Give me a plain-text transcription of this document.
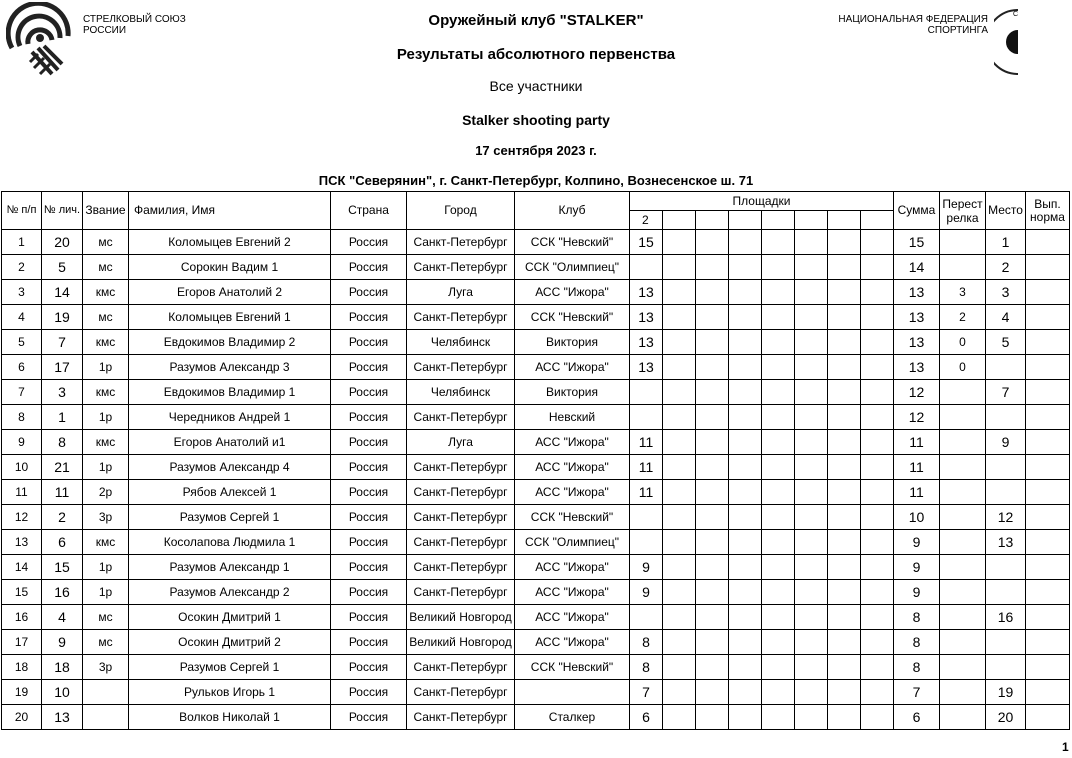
СТРЕЛКОВЫЙ СОЮЗ
РОССИИ
НАЦИОНАЛЬНАЯ ФЕДЕРАЦИЯ
СПОРТИНГА
С
Оружейный клуб "STALKER"
Результаты абсолютного первенства
Все участники
Stalker shooting party
17 сентября 2023 г.
ПСК "Северянин", г. Санкт-Петербург, Колпино, Вознесенское ш. 71
№ п/п	№ лич.	Звание	Фамилия, Имя	Страна	Город	Клуб	Площадки								Сумма	Перестрелка	Место	Вып. норма
							2											
1	20	мс	Коломыцев Евгений 2	Россия	Санкт-Петербург	ССК "Невский"	15								15		1	
2	5	мс	Сорокин Вадим 1	Россия	Санкт-Петербург	ССК "Олимпиец"									14		2	
3	14	кмс	Егоров Анатолий 2	Россия	Луга	АСС "Ижора"	13								13	3	3	
4	19	мс	Коломыцев Евгений 1	Россия	Санкт-Петербург	ССК "Невский"	13								13	2	4	
5	7	кмс	Евдокимов Владимир 2	Россия	Челябинск	Виктория	13								13	0	5	
6	17	1р	Разумов Александр 3	Россия	Санкт-Петербург	АСС "Ижора"	13								13	0		
7	3	кмс	Евдокимов Владимир 1	Россия	Челябинск	Виктория									12		7	
8	1	1р	Чередников Андрей 1	Россия	Санкт-Петербург	Невский									12			
9	8	кмс	Егоров Анатолий и1	Россия	Луга	АСС "Ижора"	11								11		9	
10	21	1р	Разумов Александр 4	Россия	Санкт-Петербург	АСС "Ижора"	11								11			
11	11	2р	Рябов Алексей 1	Россия	Санкт-Петербург	АСС "Ижора"	11								11			
12	2	3р	Разумов Сергей 1	Россия	Санкт-Петербург	ССК "Невский"									10		12	
13	6	кмс	Косолапова Людмила 1	Россия	Санкт-Петербург	ССК "Олимпиец"									9		13	
14	15	1р	Разумов Александр 1	Россия	Санкт-Петербург	АСС "Ижора"	9								9			
15	16	1р	Разумов Александр 2	Россия	Санкт-Петербург	АСС "Ижора"	9								9			
16	4	мс	Осокин Дмитрий 1	Россия	Великий Новгород	АСС "Ижора"									8		16	
17	9	мс	Осокин Дмитрий 2	Россия	Великий Новгород	АСС "Ижора"	8								8			
18	18	3р	Разумов Сергей 1	Россия	Санкт-Петербург	ССК "Невский"	8								8			
19	10		Рульков Игорь 1	Россия	Санкт-Петербург		7								7		19	
20	13		Волков Николай 1	Россия	Санкт-Петербург	Сталкер	6								6		20	
1
